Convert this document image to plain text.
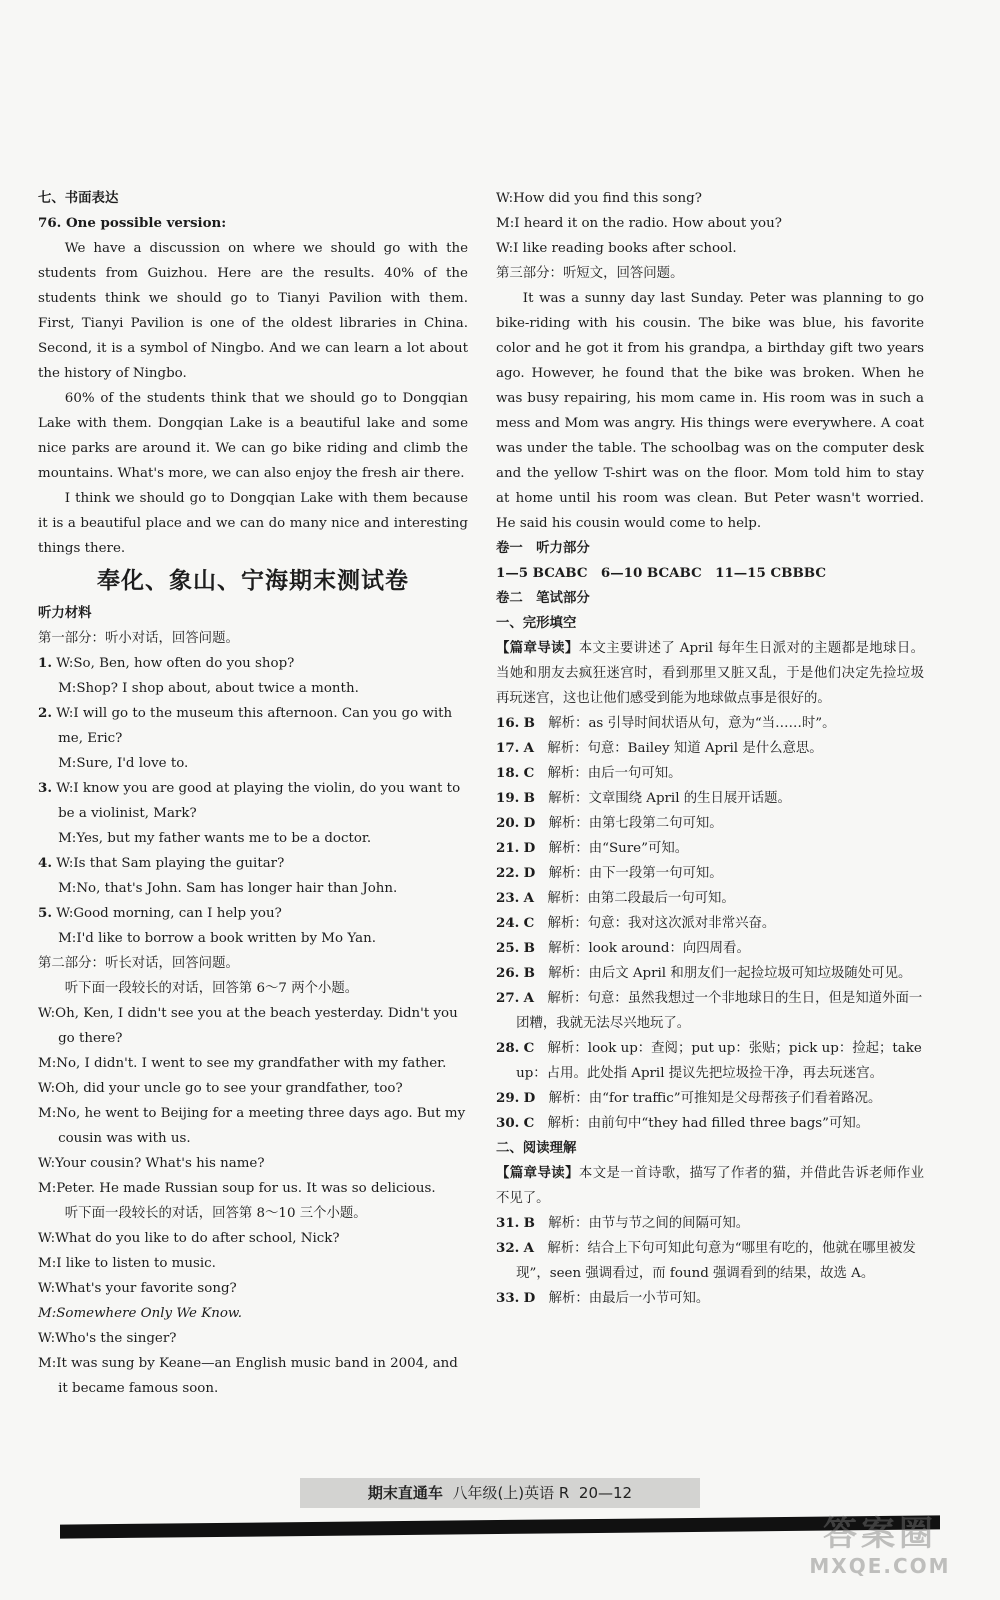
七、书面表达
76. One possible version:
We have a discussion on where we should go with the students from Guizhou. Here are the results. 40% of the students think we should go to Tianyi Pavilion with them. First, Tianyi Pavilion is one of the oldest libraries in China. Second, it is a symbol of Ningbo. And we can learn a lot about the history of Ningbo.
60% of the students think that we should go to Dongqian Lake with them. Dongqian Lake is a beautiful lake and some nice parks are around it. We can go bike riding and climb the mountains. What's more, we can also enjoy the fresh air there.
I think we should go to Dongqian Lake with them because it is a beautiful place and we can do many nice and interesting things there.
奉化、象山、宁海期末测试卷
听力材料
第一部分：听小对话，回答问题。
1. W:So, Ben, how often do you shop?
M:Shop? I shop about, about twice a month.
2. W:I will go to the museum this afternoon. Can you go with me, Eric?
M:Sure, I'd love to.
3. W:I know you are good at playing the violin, do you want to be a violinist, Mark?
M:Yes, but my father wants me to be a doctor.
4. W:Is that Sam playing the guitar?
M:No, that's John. Sam has longer hair than John.
5. W:Good morning, can I help you?
M:I'd like to borrow a book written by Mo Yan.
第二部分：听长对话，回答问题。
听下面一段较长的对话，回答第 6～7 两个小题。
W:Oh, Ken, I didn't see you at the beach yesterday. Didn't you go there?
M:No, I didn't. I went to see my grandfather with my father.
W:Oh, did your uncle go to see your grandfather, too?
M:No, he went to Beijing for a meeting three days ago. But my cousin was with us.
W:Your cousin? What's his name?
M:Peter. He made Russian soup for us. It was so delicious.
听下面一段较长的对话，回答第 8～10 三个小题。
W:What do you like to do after school, Nick?
M:I like to listen to music.
W:What's your favorite song?
M:Somewhere Only We Know.
W:Who's the singer?
M:It was sung by Keane—an English music band in 2004, and it became famous soon.
W:How did you find this song?
M:I heard it on the radio. How about you?
W:I like reading books after school.
第三部分：听短文，回答问题。
It was a sunny day last Sunday. Peter was planning to go bike-riding with his cousin. The bike was blue, his favorite color and he got it from his grandpa, a birthday gift two years ago. However, he found that the bike was broken. When he was busy repairing, his mom came in. His room was in such a mess and Mom was angry. His things were everywhere. A coat was under the table. The schoolbag was on the computer desk and the yellow T-shirt was on the floor. Mom told him to stay at home until his room was clean. But Peter wasn't worried. He said his cousin would come to help.
卷一　听力部分
1—5 BCABC　6—10 BCABC　11—15 CBBBC
卷二　笔试部分
一、完形填空
【篇章导读】本文主要讲述了 April 每年生日派对的主题都是地球日。当她和朋友去疯狂迷宫时，看到那里又脏又乱，于是他们决定先捡垃圾再玩迷宫，这也让他们感受到能为地球做点事是很好的。
16. B　 解析：as 引导时间状语从句，意为“当……时”。
17. A　 解析：句意：Bailey 知道 April 是什么意思。
18. C　 解析：由后一句可知。
19. B　 解析：文章围绕 April 的生日展开话题。
20. D　 解析：由第七段第二句可知。
21. D　 解析：由“Sure”可知。
22. D　 解析：由下一段第一句可知。
23. A　 解析：由第二段最后一句可知。
24. C　 解析：句意：我对这次派对非常兴奋。
25. B　 解析：look around：向四周看。
26. B　 解析：由后文 April 和朋友们一起捡垃圾可知垃圾随处可见。
27. A　 解析：句意：虽然我想过一个非地球日的生日，但是知道外面一团糟，我就无法尽兴地玩了。
28. C　 解析：look up：查阅；put up：张贴；pick up：捡起；take up：占用。此处指 April 提议先把垃圾捡干净，再去玩迷宫。
29. D　 解析：由“for traffic”可推知是父母帮孩子们看着路况。
30. C　 解析：由前句中“they had filled three bags”可知。
二、阅读理解
【篇章导读】本文是一首诗歌，描写了作者的猫，并借此告诉老师作业不见了。
31. B　 解析：由节与节之间的间隔可知。
32. A　 解析：结合上下句可知此句意为“哪里有吃的，他就在哪里被发现”，seen 强调看过，而 found 强调看到的结果，故选 A。
33. D　 解析：由最后一小节可知。
期末直通车 八年级(上)英语 R 20—12
答案圈
MXQE.COM
